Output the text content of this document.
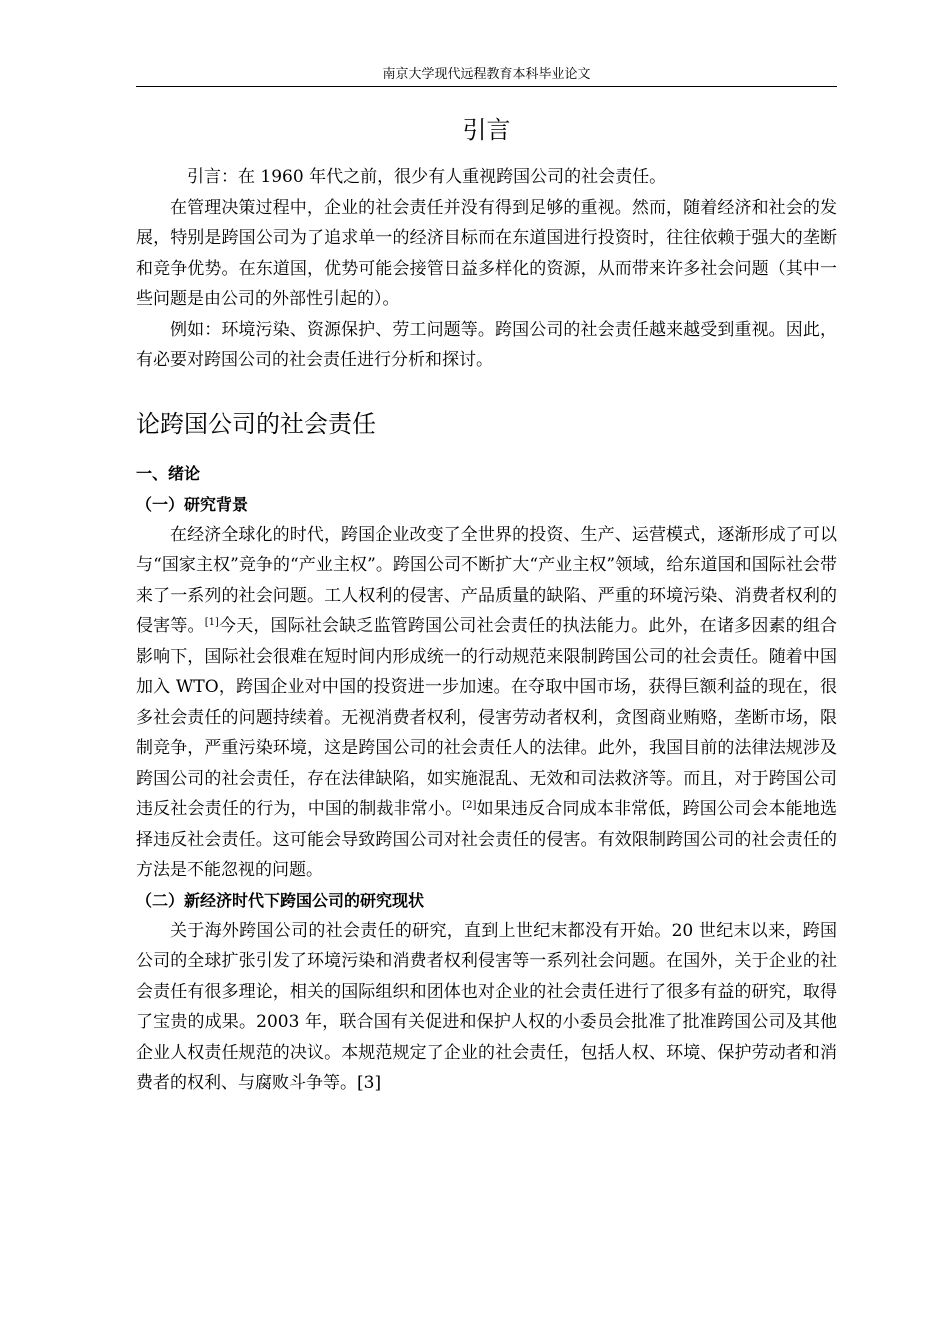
南京大学现代远程教育本科毕业论文
引言

引言：在 1960 年代之前，很少有人重视跨国公司的社会责任。

在管理决策过程中，企业的社会责任并没有得到足够的重视。然而，随着经济和社会的发展，特别是跨国公司为了追求单一的经济目标而在东道国进行投资时，往往依赖于强大的垄断和竞争优势。在东道国，优势可能会接管日益多样化的资源，从而带来许多社会问题（其中一些问题是由公司的外部性引起的）。

例如：环境污染、资源保护、劳工问题等。跨国公司的社会责任越来越受到重视。因此，有必要对跨国公司的社会责任进行分析和探讨。

论跨国公司的社会责任
一、绪论
（一）研究背景

在经济全球化的时代，跨国企业改变了全世界的投资、生产、运营模式，逐渐形成了可以与“国家主权”竞争的“产业主权”。跨国公司不断扩大“产业主权”领域，给东道国和国际社会带来了一系列的社会问题。工人权利的侵害、产品质量的缺陷、严重的环境污染、消费者权利的侵害等。[1]今天，国际社会缺乏监管跨国公司社会责任的执法能力。此外，在诸多因素的组合影响下，国际社会很难在短时间内形成统一的行动规范来限制跨国公司的社会责任。随着中国加入 WTO，跨国企业对中国的投资进一步加速。在夺取中国市场，获得巨额利益的现在，很多社会责任的问题持续着。无视消费者权利，侵害劳动者权利，贪图商业贿赂，垄断市场，限制竞争，严重污染环境，这是跨国公司的社会责任人的法律。此外，我国目前的法律法规涉及跨国公司的社会责任，存在法律缺陷，如实施混乱、无效和司法救济等。而且，对于跨国公司违反社会责任的行为，中国的制裁非常小。[2]如果违反合同成本非常低，跨国公司会本能地选择违反社会责任。这可能会导致跨国公司对社会责任的侵害。有效限制跨国公司的社会责任的方法是不能忽视的问题。

（二）新经济时代下跨国公司的研究现状

关于海外跨国公司的社会责任的研究，直到上世纪末都没有开始。20 世纪末以来，跨国公司的全球扩张引发了环境污染和消费者权利侵害等一系列社会问题。在国外，关于企业的社会责任有很多理论，相关的国际组织和团体也对企业的社会责任进行了很多有益的研究，取得了宝贵的成果。2003 年，联合国有关促进和保护人权的小委员会批准了批准跨国公司及其他企业人权责任规范的决议。本规范规定了企业的社会责任，包括人权、环境、保护劳动者和消费者的权利、与腐败斗争等。[3]
